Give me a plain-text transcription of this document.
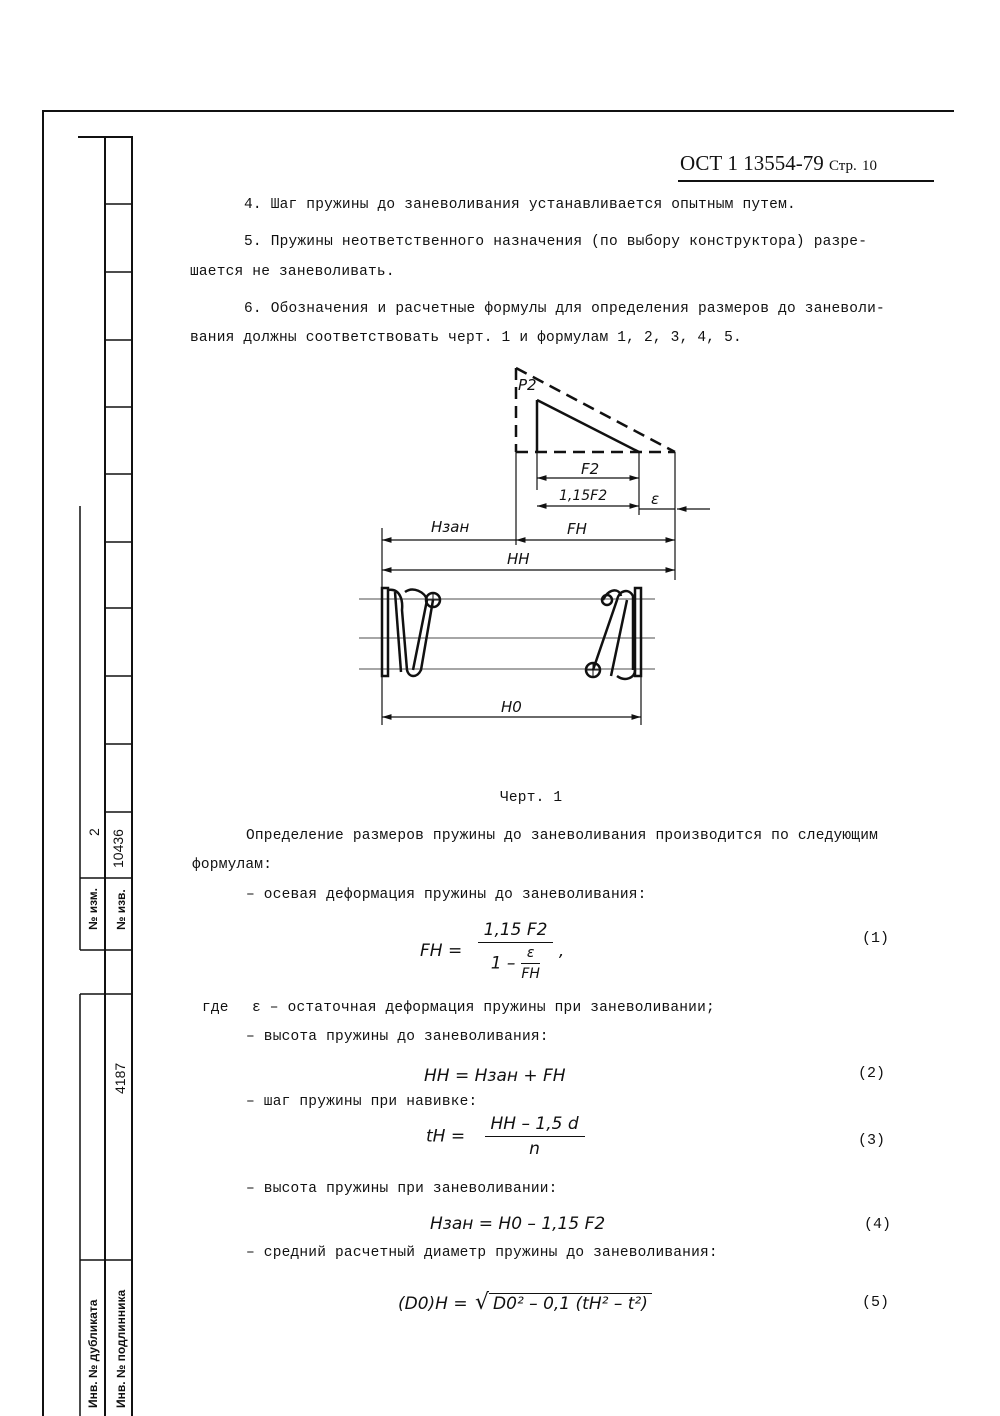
2 10436
№ изм. № изв.
4187
Инв. № дубликата Инв. № подлинника
ОСТ 1 13554-79 Стр. 10
4. Шаг пружины до заневоливания устанавливается опытным путем.
5. Пружины неответственного назначения (по выбору конструктора) разре-
шается не заневоливать.
6. Обозначения и расчетные формулы для определения размеров до заневоли-
вания должны соответствовать черт. 1 и формулам 1, 2, 3, 4, 5.
P2
F2
1,15F2	ε
FН
Hзан
HН
H0
Черт. 1
Определение размеров пружины до заневоливания производится по следующим
формулам:
– осевая деформация пружины до заневоливания:
FН = $\frac{1,15 F2}{1 - \frac{\varepsilon}{FН}}$ ,
(1)
где ε – остаточная деформация пружины при заневоливании;
– высота пружины до заневоливания:
HН = Hзан + FН	(2)
– шаг пружины при навивке:
tН = $\frac{HН - 1,5 d}{n}$	(3)
– высота пружины при заневоливании:
Hзан = H0 – 1,15 F2	(4)
– средний расчетный диаметр пружины до заневоливания:
(D0)Н = √ D0² – 0,1 (tН² – t²)	(5)
